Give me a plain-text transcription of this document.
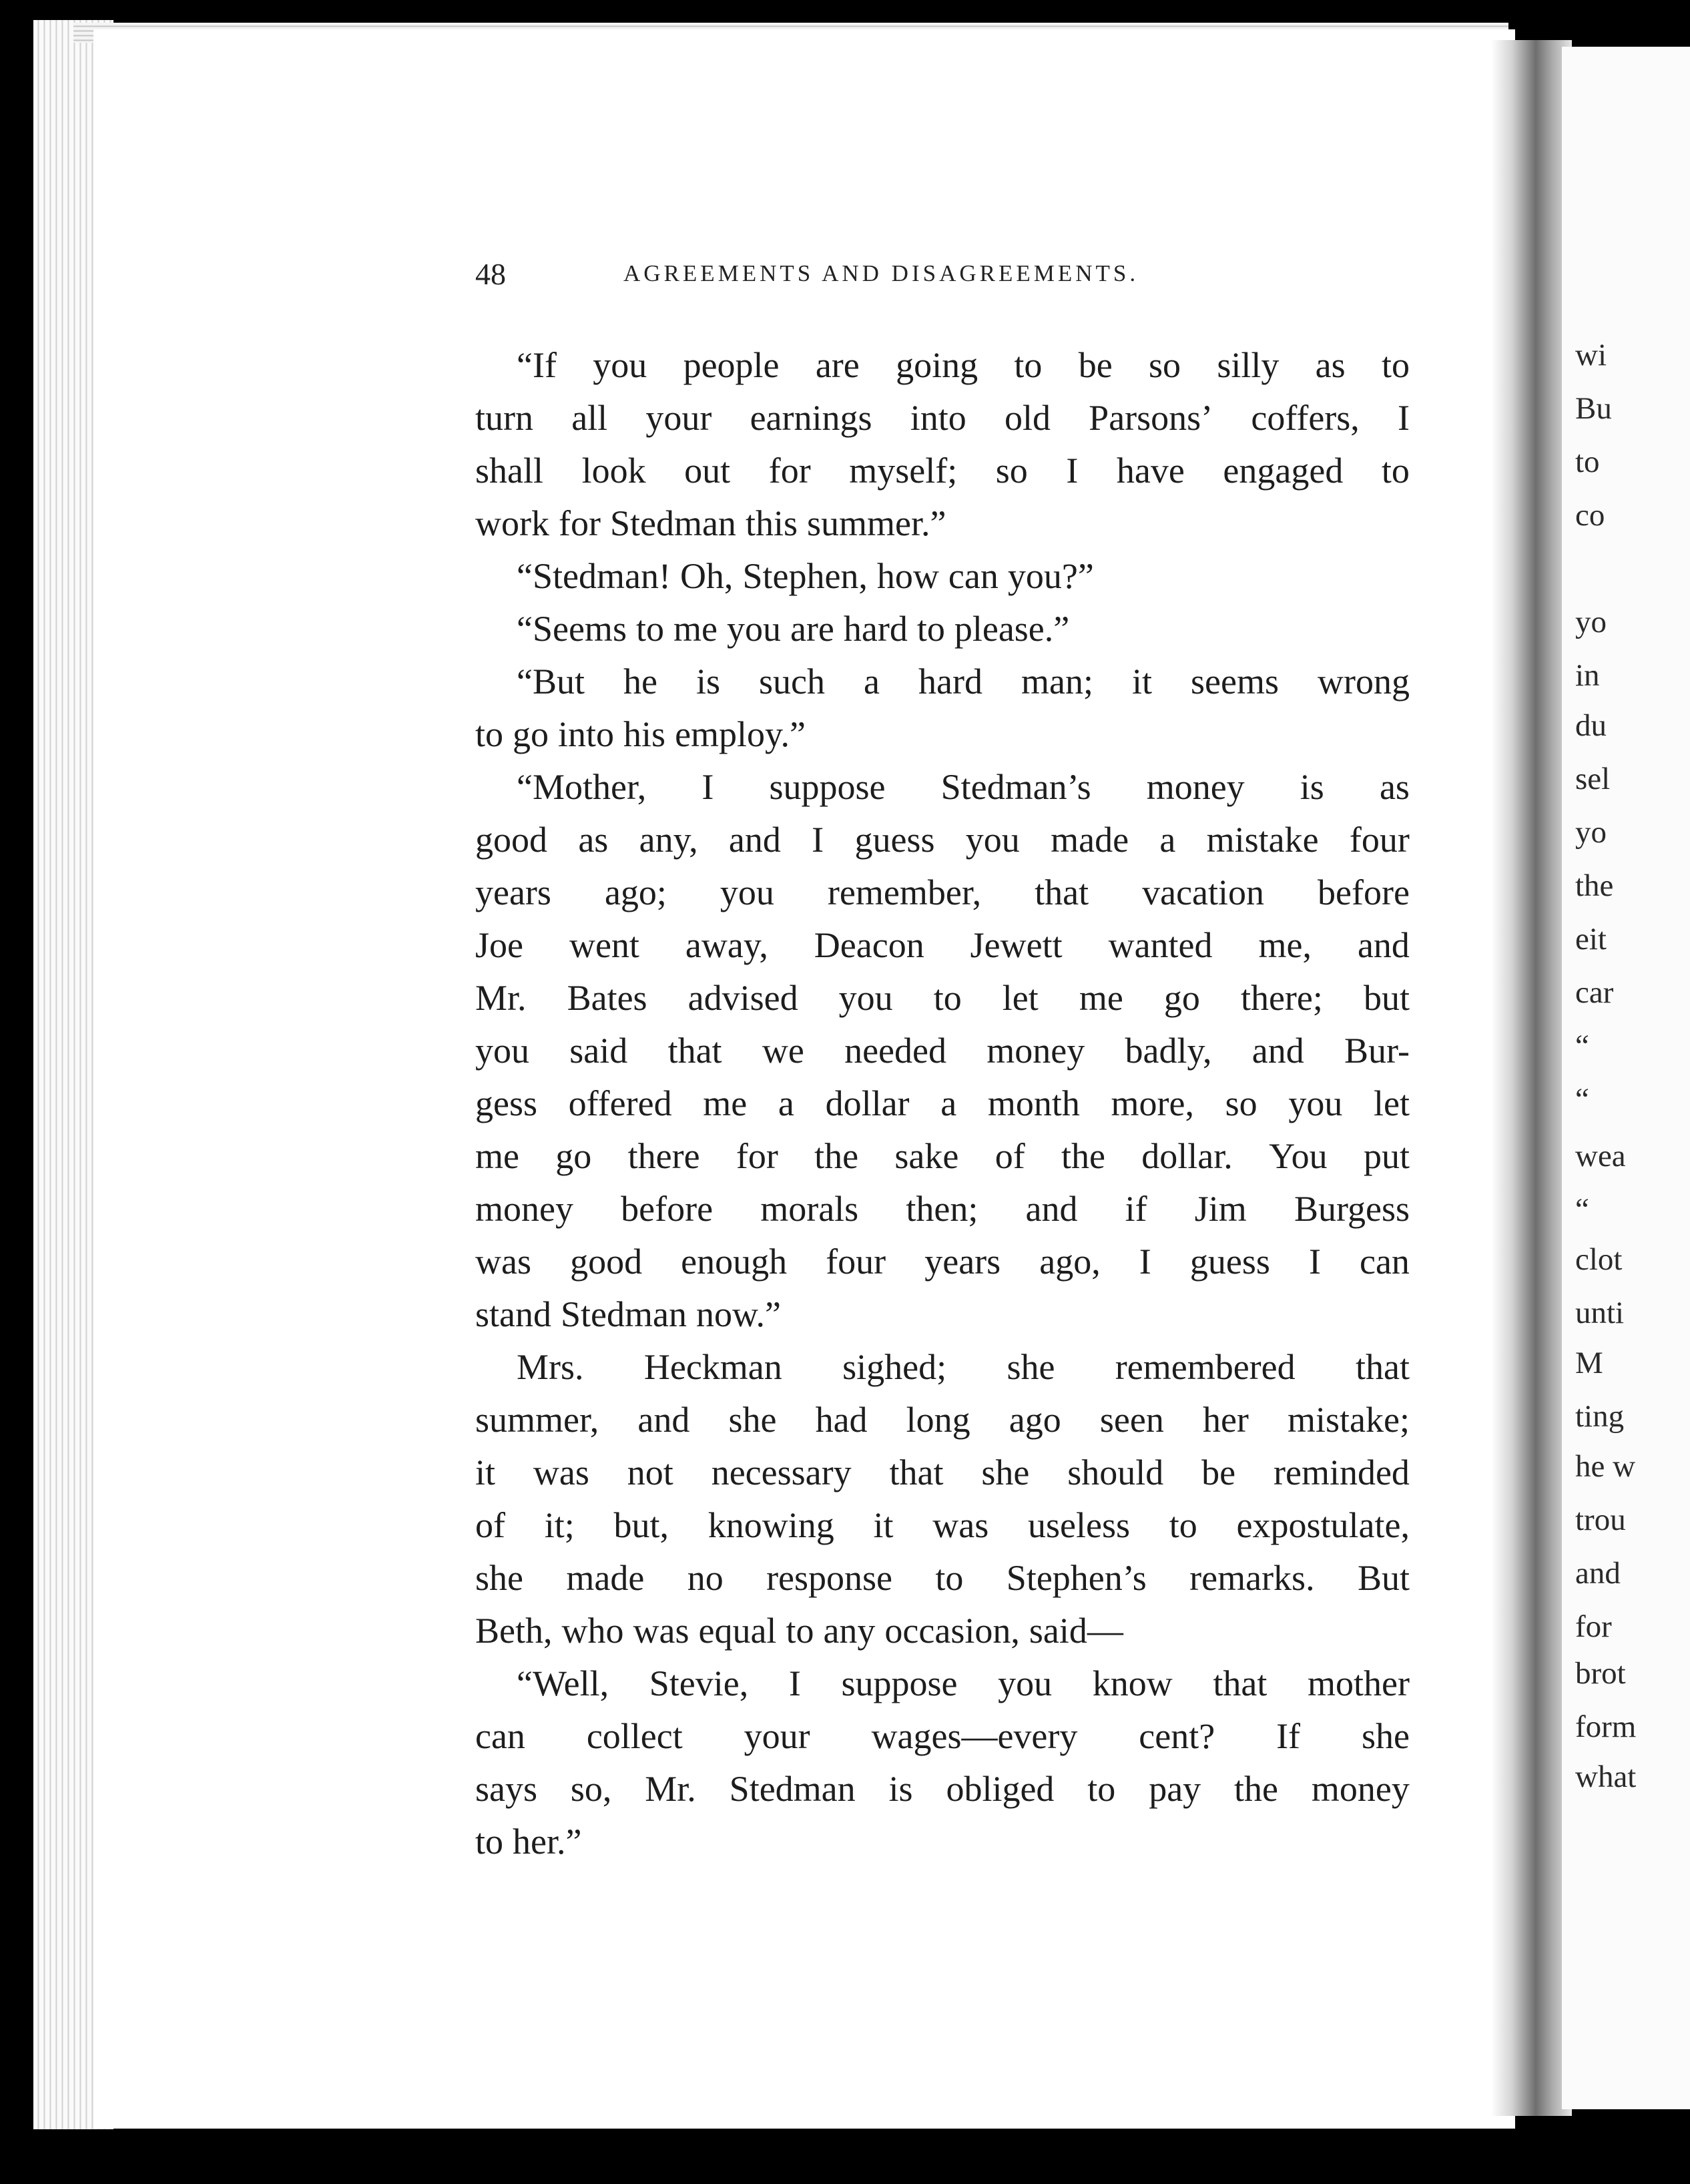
48	AGREEMENTS AND DISAGREEMENTS.
“If you people are going to be so silly as to
turn all your earnings into old Parsons’ coffers, I
shall look out for myself; so I have engaged to
work for Stedman this summer.”
“Stedman! Oh, Stephen, how can you?”
“Seems to me you are hard to please.”
“But he is such a hard man; it seems wrong
to go into his employ.”
“Mother, I suppose Stedman’s money is as
good as any, and I guess you made a mistake four
years ago; you remember, that vacation before
Joe went away, Deacon Jewett wanted me, and
Mr. Bates advised you to let me go there; but
you said that we needed money badly, and Bur-
gess offered me a dollar a month more, so you let
me go there for the sake of the dollar. You put
money before morals then; and if Jim Burgess
was good enough four years ago, I guess I can
stand Stedman now.”
Mrs. Heckman sighed; she remembered that
summer, and she had long ago seen her mistake;
it was not necessary that she should be reminded
of it; but, knowing it was useless to expostulate,
she made no response to Stephen’s remarks. But
Beth, who was equal to any occasion, said—
“Well, Stevie, I suppose you know that mother
can collect your wages—every cent? If she
says so, Mr. Stedman is obliged to pay the money
to her.”
wi
Bu
to
co
yo
in
du
sel
yo
the
eit
car
“
“
wea
“
clot
unti
M
ting
he w
trou
and
for
brot
form
what
